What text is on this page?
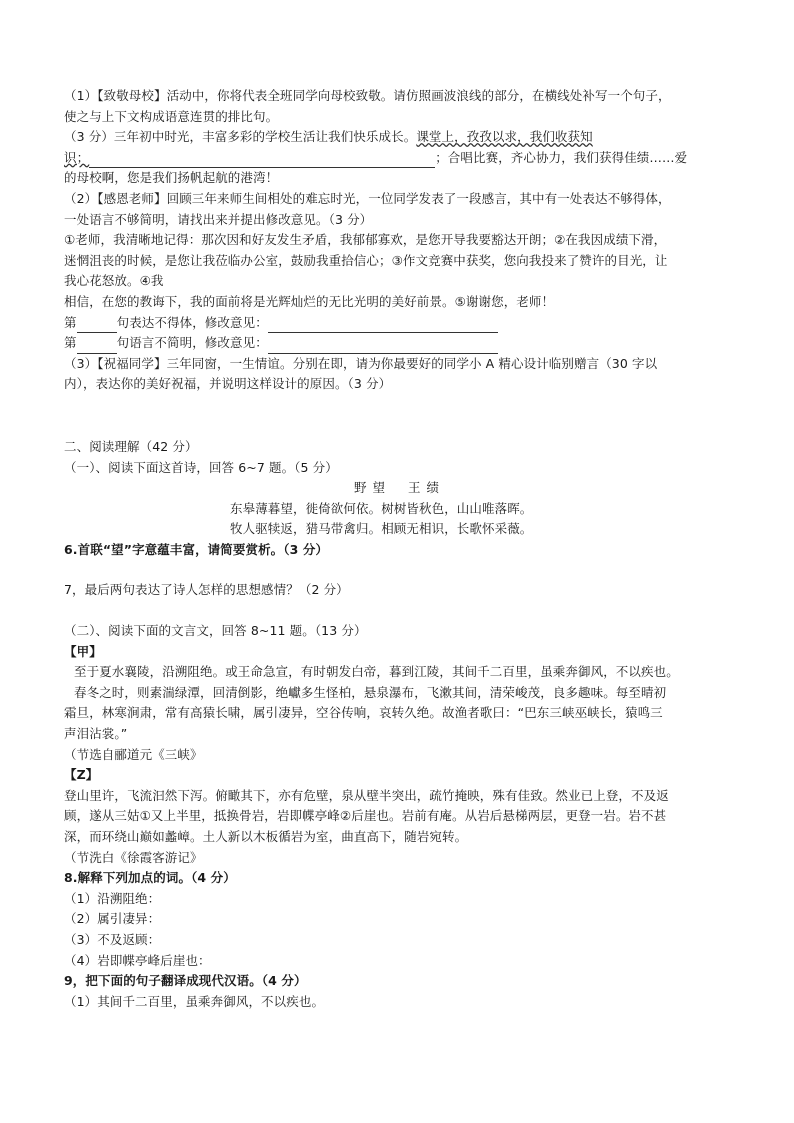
（1）【致敬母校】活动中，你将代表全班同学向母校致敬。请仿照画波浪线的部分，在横线处补写一个句子，
使之与上下文构成语意连贯的排比句。
（3 分）三年初中时光，丰富多彩的学校生活让我们快乐成长。课堂上，孜孜以求，我们收获知
识；	；合唱比赛，齐心协力，我们获得佳绩……爱
的母校啊，您是我们扬帆起航的港湾！
（2）【感恩老师】回顾三年来师生间相处的难忘时光，一位同学发表了一段感言，其中有一处表达不够得体，
一处语言不够简明，请找出来并提出修改意见。（3 分）
①老师，我清晰地记得：那次因和好友发生矛盾，我郁郁寡欢，是您开导我要豁达开朗；②在我因成绩下滑，
迷惘沮丧的时候，是您让我莅临办公室，鼓励我重拾信心；③作文竞赛中获奖，您向我投来了赞许的目光，让
我心花怒放。④我
相信，在您的教诲下，我的面前将是光辉灿烂的无比光明的美好前景。⑤谢谢您，老师！
第	句表达不得体，修改意见：
第	句语言不简明，修改意见：
（3）【祝福同学】三年同窗，一生情谊。分别在即，请为你最要好的同学小 A 精心设计临别赠言（30 字以
内），表达你的美好祝福，并说明这样设计的原因。（3 分）
二、阅读理解（42 分）
（一）、阅读下面这首诗，回答 6~7 题。（5 分）
野 望 王 绩
东皋薄暮望，徙倚欲何依。树树皆秋色，山山唯落晖。
牧人驱犊返，猎马带禽归。相顾无相识，长歌怀采薇。
6.首联“望”字意蕴丰富，请简要赏析。（3 分）
7，最后两句表达了诗人怎样的思想感情？（2 分）
（二）、阅读下面的文言文，回答 8~11 题。（13 分）
【甲】
至于夏水襄陵，沿溯阻绝。或王命急宣，有时朝发白帝，暮到江陵，其间千二百里，虽乘奔御风，不以疾也。
春冬之时，则素湍绿潭，回清倒影，绝巘多生怪柏，悬泉瀑布，飞漱其间，清荣峻茂，良多趣味。每至晴初
霜旦，林寒涧肃，常有高猿长啸，属引凄异，空谷传响，哀转久绝。故渔者歌曰：“巴东三峡巫峡长，猿鸣三
声泪沾裳。”
（节选自郦道元《三峡》
【Z】
登山里许，飞流汩然下泻。俯瞰其下，亦有危壁，泉从壁半突出，疏竹掩映，殊有佳致。然业已上登，不及返
顾，遂从三姑①又上半里，抵换骨岩，岩即幉亭峰②后崖也。岩前有庵。从岩后悬梯两层，更登一岩。岩不甚
深，而环绕山巅如蠡嶂。土人新以木板循岩为室，曲直高下，随岩宛转。
（节洗白《徐霞客游记》
8.解释下列加点的词。（4 分）
（1）沿溯阻绝：
（2）属引凄异：
（3）不及返顾：
（4）岩即幉亭峰后崖也：
9，把下面的句子翻译成现代汉语。（4 分）
（1）其间千二百里，虽乘奔御风，不以疾也。
